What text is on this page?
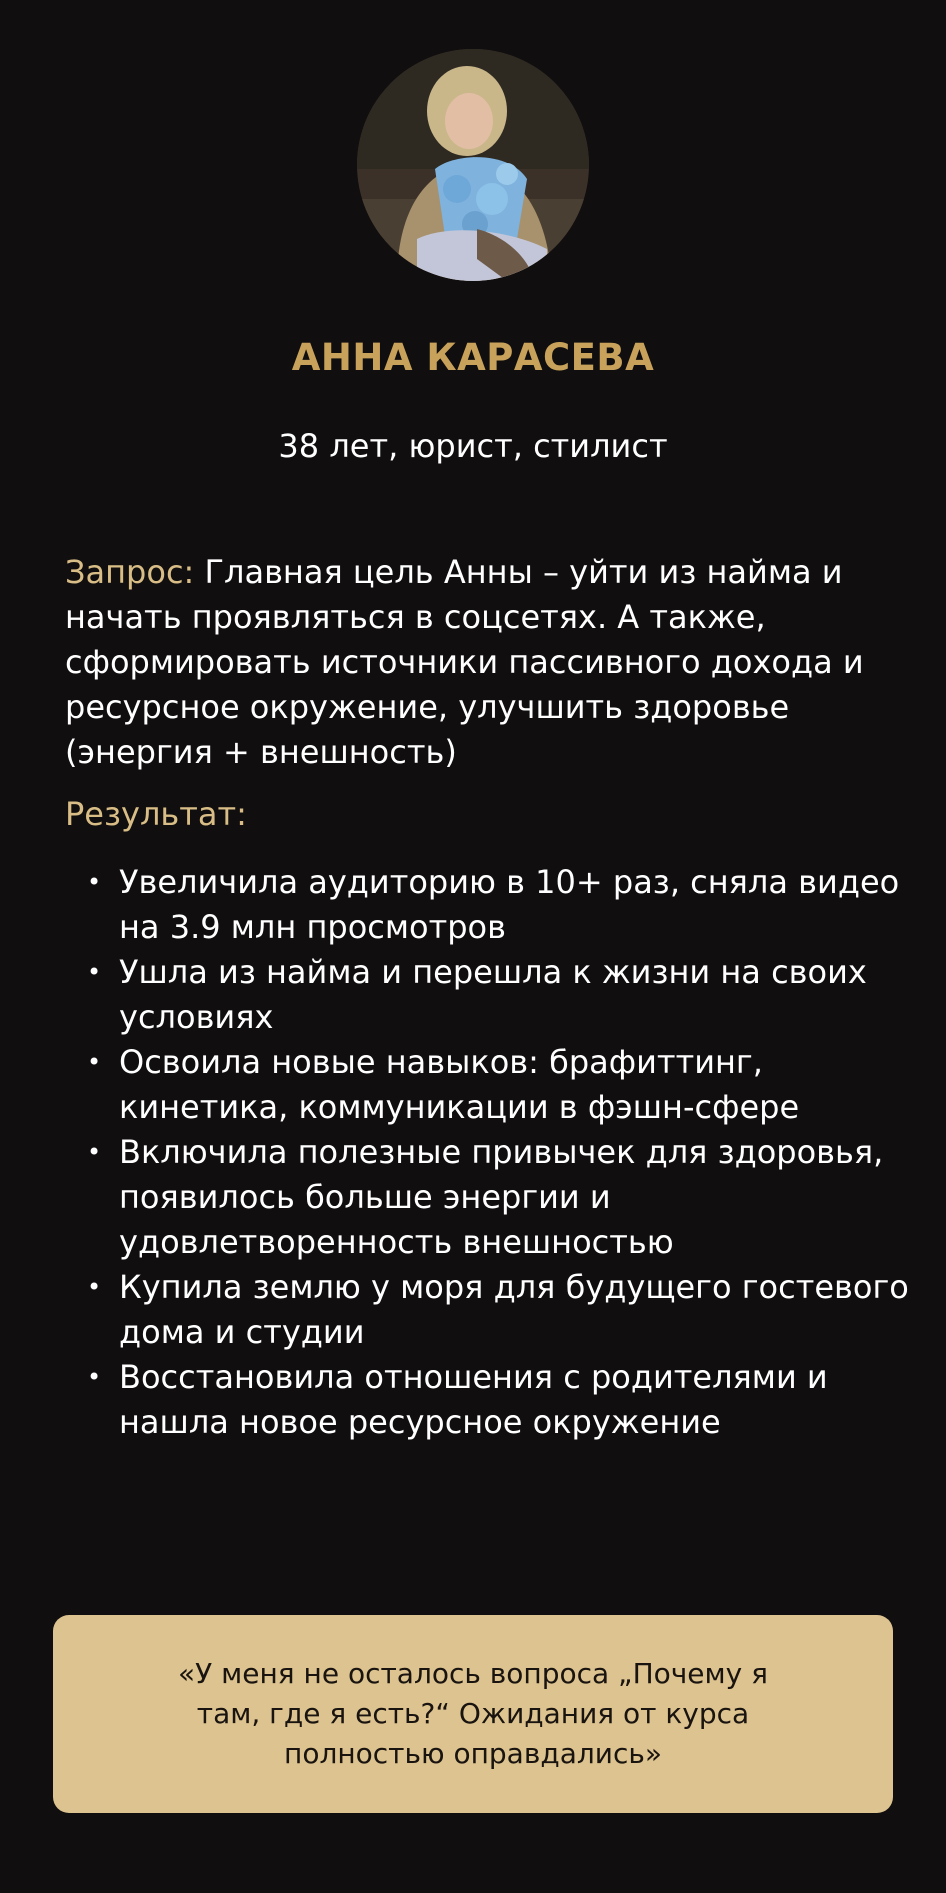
АННА КАРАСЕВА

38 лет, юрист, стилист

Запрос: Главная цель Анны – уйти из найма и начать проявляться в соцсетях. А также, сформировать источники пассивного дохода и ресурсное окружение, улучшить здоровье (энергия + внешность)

Результат:

• Увеличила аудиторию в 10+ раз, сняла видео на 3.9 млн просмотров
• Ушла из найма и перешла к жизни на своих условиях
• Освоила новые навыков: брафиттинг, кинетика, коммуникации в фэшн-сфере
• Включила полезные привычек для здоровья, появилось больше энергии и удовлетворенность внешностью
• Купила землю у моря для будущего гостевого дома и студии
• Восстановила отношения с родителями и нашла новое ресурсное окружение

«У меня не осталось вопроса „Почему я там, где я есть?“ Ожидания от курса полностью оправдались»
